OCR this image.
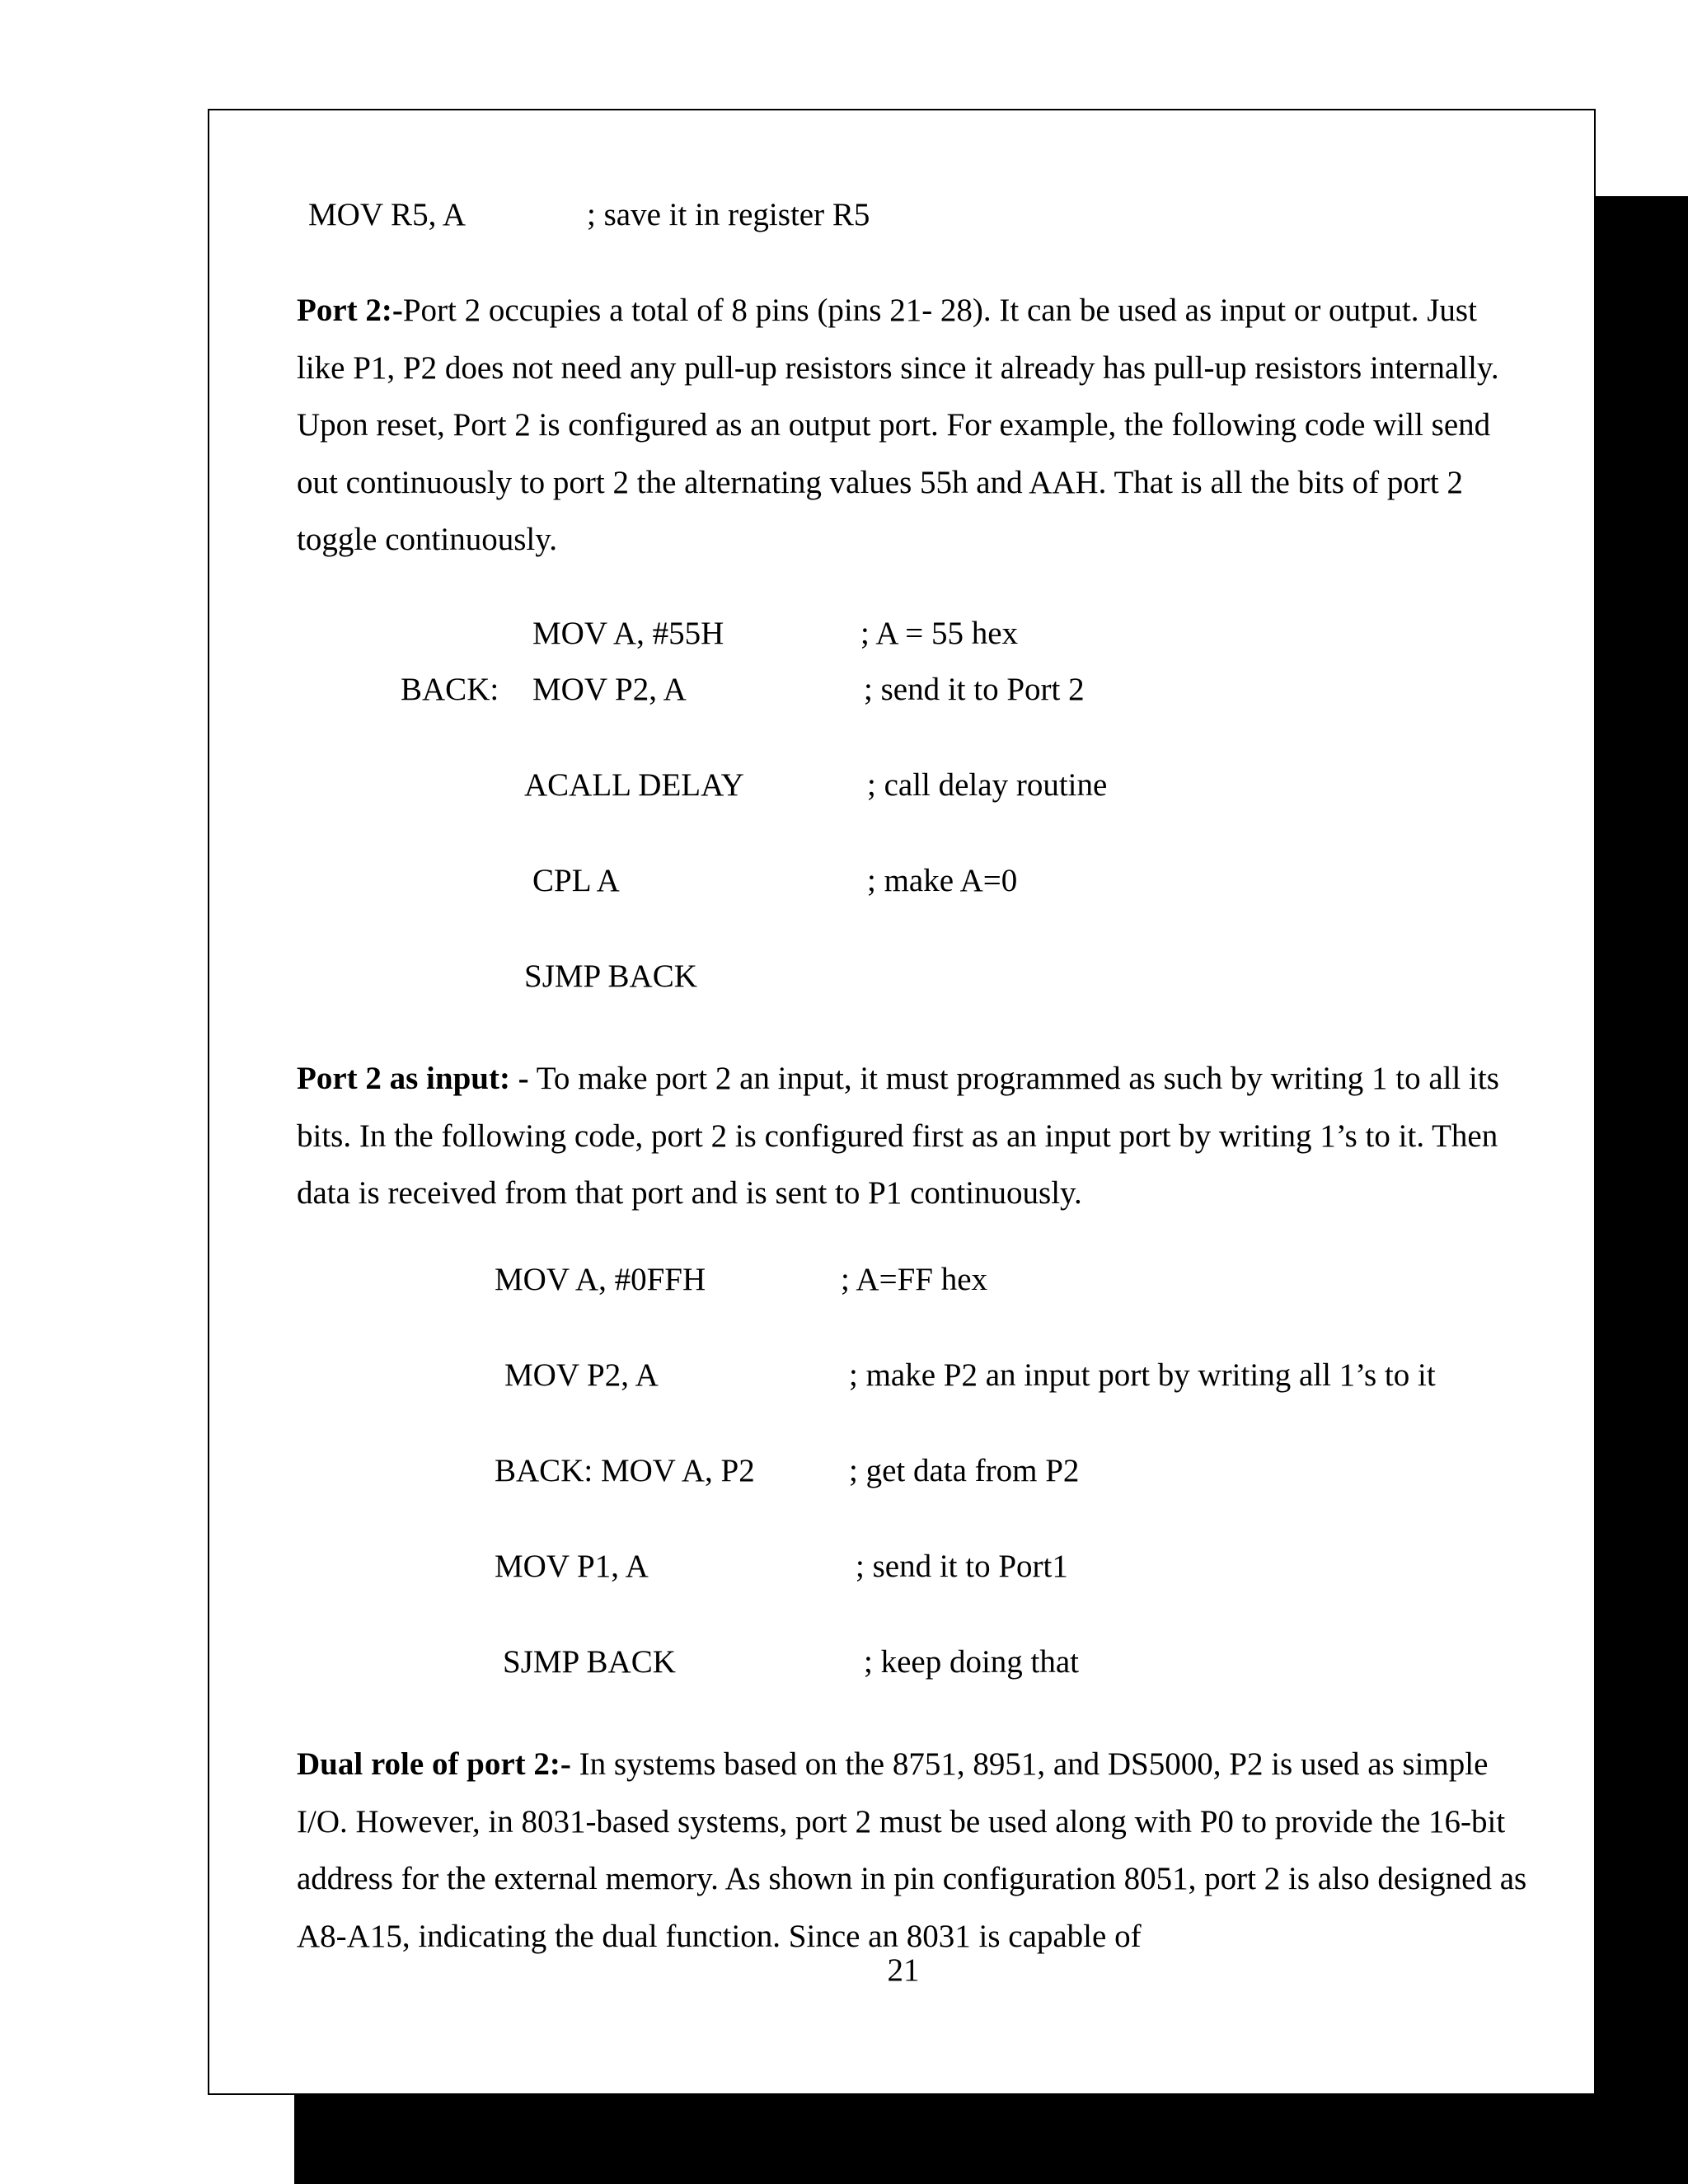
MOV R5, A	; save it in register R5

Port 2:-Port 2 occupies a total of 8 pins (pins 21- 28). It can be used as input or output. Just like P1, P2 does not need any pull-up resistors since it already has pull-up resistors internally. Upon reset, Port 2 is configured as an output port. For example, the following code will send out continuously to port 2 the alternating values 55h and AAH. That is all the bits of port 2 toggle continuously.

MOV A, #55H	; A = 55 hex
BACK: MOV P2, A	; send it to Port 2
ACALL DELAY	; call delay routine
CPL A	; make A=0
SJMP BACK

Port 2 as input: - To make port 2 an input, it must programmed as such by writing 1 to all its bits. In the following code, port 2 is configured first as an input port by writing 1’s to it. Then data is received from that port and is sent to P1 continuously.

MOV A, #0FFH	; A=FF hex
MOV P2, A	; make P2 an input port by writing all 1’s to it
BACK: MOV A, P2	; get data from P2
MOV P1, A	; send it to Port1
SJMP BACK	; keep doing that

Dual role of port 2:- In systems based on the 8751, 8951, and DS5000, P2 is used as simple I/O. However, in 8031-based systems, port 2 must be used along with P0 to provide the 16-bit address for the external memory. As shown in pin configuration 8051, port 2 is also designed as A8-A15, indicating the dual function. Since an 8031 is capable of

21
